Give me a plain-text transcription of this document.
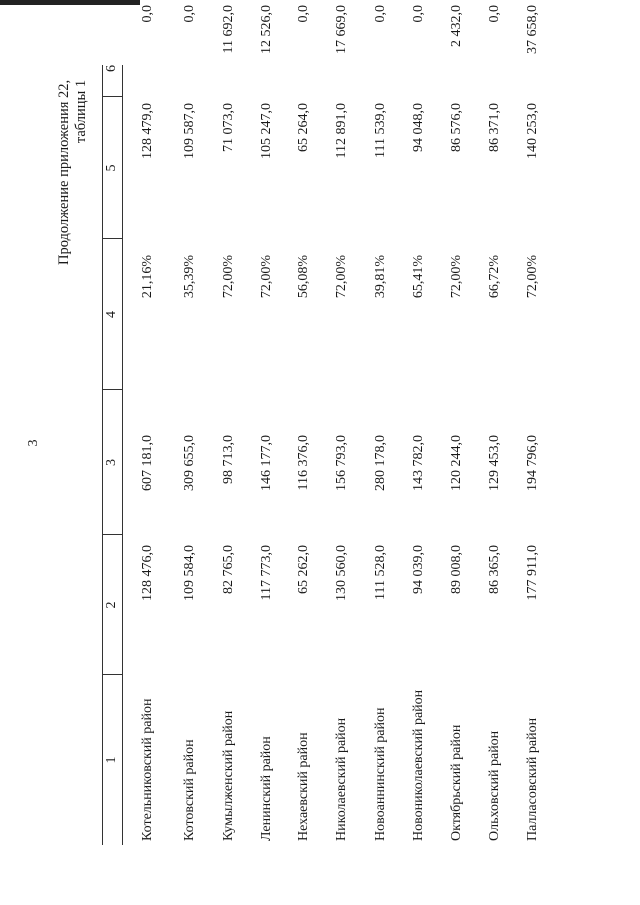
3
Продолжение приложения 22, таблицы 1
1
2
3
4
5
6
Котельниковский район
128 476,0
607 181,0
21,16%
128 479,0
0,0
Котовский район
109 584,0
309 655,0
35,39%
109 587,0
0,0
Кумылженский район
82 765,0
98 713,0
72,00%
71 073,0
11 692,0
Ленинский район
117 773,0
146 177,0
72,00%
105 247,0
12 526,0
Нехаевский район
65 262,0
116 376,0
56,08%
65 264,0
0,0
Николаевский район
130 560,0
156 793,0
72,00%
112 891,0
17 669,0
Новоаннинский район
111 528,0
280 178,0
39,81%
111 539,0
0,0
Новониколаевский район
94 039,0
143 782,0
65,41%
94 048,0
0,0
Октябрьский район
89 008,0
120 244,0
72,00%
86 576,0
2 432,0
Ольховский район
86 365,0
129 453,0
66,72%
86 371,0
0,0
Палласовский район
177 911,0
194 796,0
72,00%
140 253,0
37 658,0
